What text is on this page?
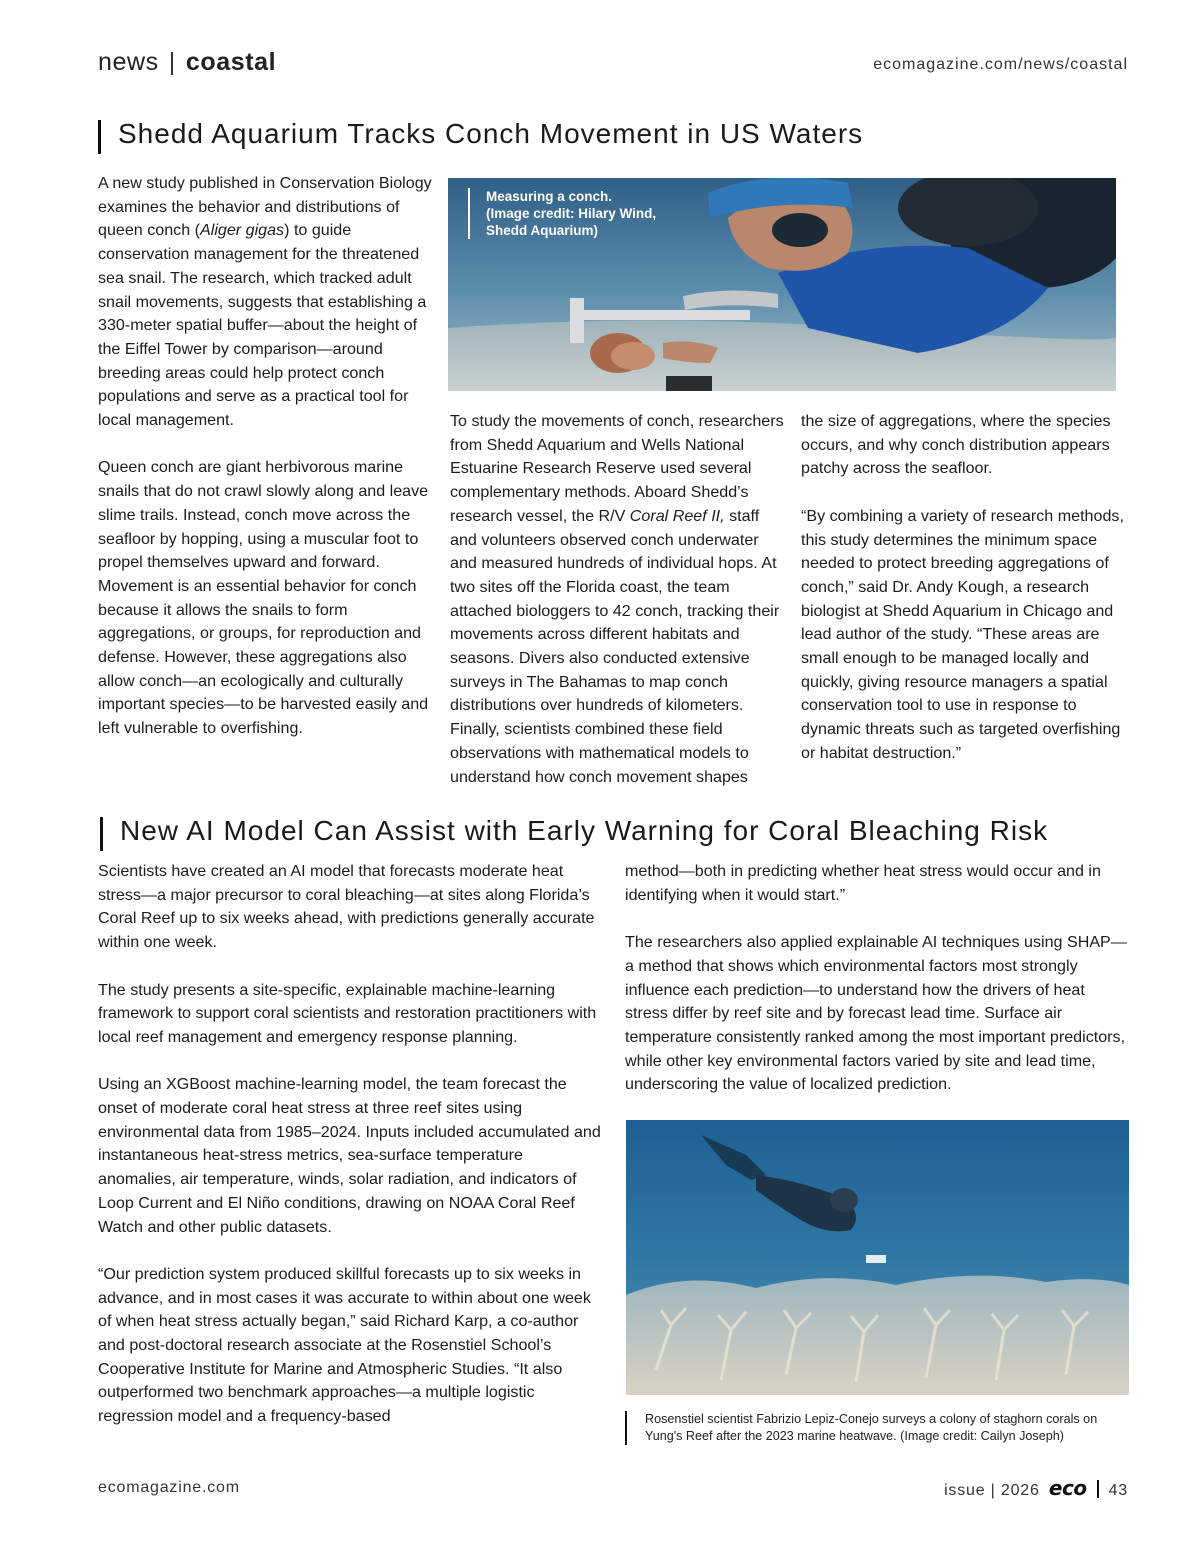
news | coastal	ecomagazine.com/news/coastal
Shedd Aquarium Tracks Conch Movement in US Waters

A new study published in Conservation Biology examines the behavior and distributions of queen conch (Aliger gigas) to guide conservation management for the threatened sea snail. The research, which tracked adult snail movements, suggests that establishing a 330-meter spatial buffer—about the height of the Eiffel Tower by comparison—around breeding areas could help protect conch populations and serve as a practical tool for local management.

Queen conch are giant herbivorous marine snails that do not crawl slowly along and leave slime trails. Instead, conch move across the seafloor by hopping, using a muscular foot to propel themselves upward and forward. Movement is an essential behavior for conch because it allows the snails to form aggregations, or groups, for reproduction and defense. However, these aggregations also allow conch—an ecologically and culturally important species—to be harvested easily and left vulnerable to overfishing.

Measuring a conch.
(Image credit: Hilary Wind,
Shedd Aquarium)

To study the movements of conch, researchers from Shedd Aquarium and Wells National Estuarine Research Reserve used several complementary methods. Aboard Shedd’s research vessel, the R/V Coral Reef II, staff and volunteers observed conch underwater and measured hundreds of individual hops. At two sites off the Florida coast, the team attached biologgers to 42 conch, tracking their movements across different habitats and seasons. Divers also conducted extensive surveys in The Bahamas to map conch distributions over hundreds of kilometers. Finally, scientists combined these field observations with mathematical models to understand how conch movement shapes

the size of aggregations, where the species occurs, and why conch distribution appears patchy across the seafloor.

“By combining a variety of research methods, this study determines the minimum space needed to protect breeding aggregations of conch,” said Dr. Andy Kough, a research biologist at Shedd Aquarium in Chicago and lead author of the study. “These areas are small enough to be managed locally and quickly, giving resource managers a spatial conservation tool to use in response to dynamic threats such as targeted overfishing or habitat destruction.”

New AI Model Can Assist with Early Warning for Coral Bleaching Risk

Scientists have created an AI model that forecasts moderate heat stress—a major precursor to coral bleaching—at sites along Florida’s Coral Reef up to six weeks ahead, with predictions generally accurate within one week.

The study presents a site-specific, explainable machine-learning framework to support coral scientists and restoration practitioners with local reef management and emergency response planning.

Using an XGBoost machine-learning model, the team forecast the onset of moderate coral heat stress at three reef sites using environmental data from 1985–2024. Inputs included accumulated and instantaneous heat-stress metrics, sea-surface temperature anomalies, air temperature, winds, solar radiation, and indicators of Loop Current and El Niño conditions, drawing on NOAA Coral Reef Watch and other public datasets.

“Our prediction system produced skillful forecasts up to six weeks in advance, and in most cases it was accurate to within about one week of when heat stress actually began,” said Richard Karp, a co-author and post-doctoral research associate at the Rosenstiel School’s Cooperative Institute for Marine and Atmospheric Studies. “It also outperformed two benchmark approaches—a multiple logistic regression model and a frequency-based

method—both in predicting whether heat stress would occur and in identifying when it would start.”

The researchers also applied explainable AI techniques using SHAP—a method that shows which environmental factors most strongly influence each prediction—to understand how the drivers of heat stress differ by reef site and by forecast lead time. Surface air temperature consistently ranked among the most important predictors, while other key environmental factors varied by site and lead time, underscoring the value of localized prediction.

Rosenstiel scientist Fabrizio Lepiz-Conejo surveys a colony of staghorn corals on Yung's Reef after the 2023 marine heatwave. (Image credit: Cailyn Joseph)
ecomagazine.com	issue | 2026 eco 43
